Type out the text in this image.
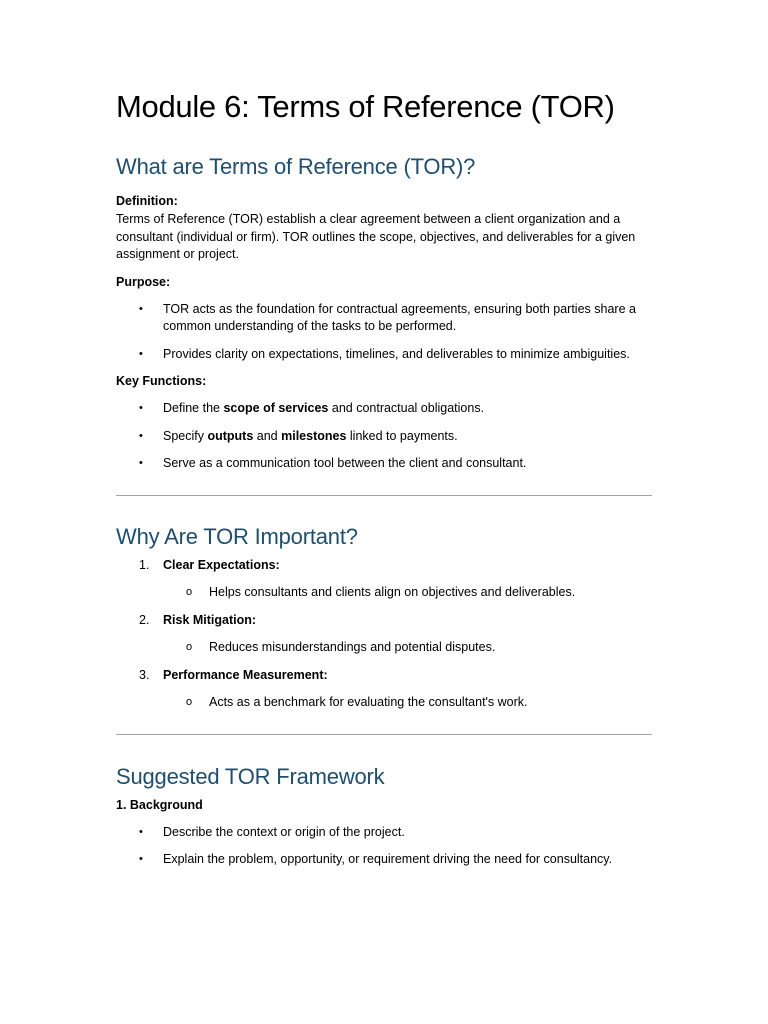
Module 6: Terms of Reference (TOR)
What are Terms of Reference (TOR)?

Definition:

Terms of Reference (TOR) establish a clear agreement between a client organization and a consultant (individual or firm). TOR outlines the scope, objectives, and deliverables for a given assignment or project.

Purpose:

• TOR acts as the foundation for contractual agreements, ensuring both parties share a common understanding of the tasks to be performed.
• Provides clarity on expectations, timelines, and deliverables to minimize ambiguities.

Key Functions:

• Define the scope of services and contractual obligations.
• Specify outputs and milestones linked to payments.
• Serve as a communication tool between the client and consultant.
Why Are TOR Important?
1. Clear Expectations:
o Helps consultants and clients align on objectives and deliverables.
2. Risk Mitigation:
o Reduces misunderstandings and potential disputes.
3. Performance Measurement:
o Acts as a benchmark for evaluating the consultant's work.
Suggested TOR Framework

1. Background

• Describe the context or origin of the project.
• Explain the problem, opportunity, or requirement driving the need for consultancy.
